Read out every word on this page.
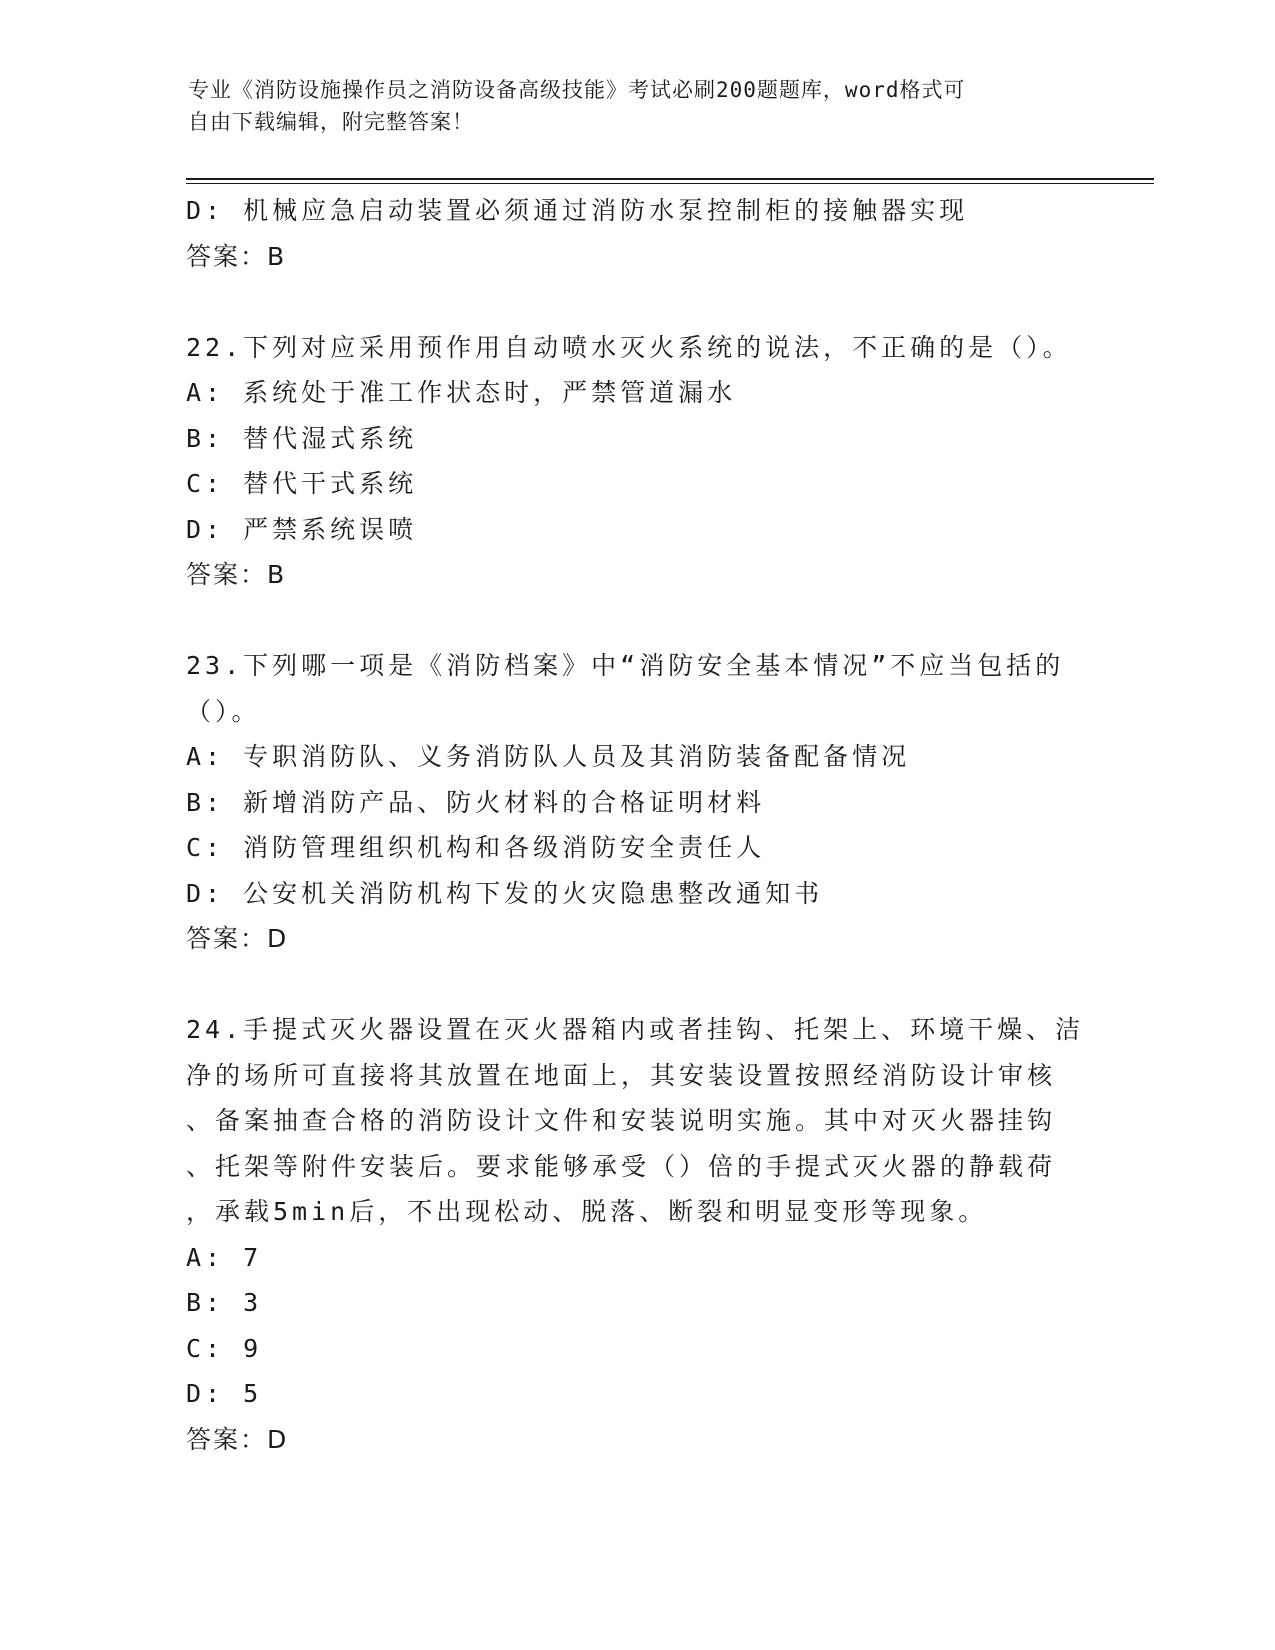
专业《消防设施操作员之消防设备高级技能》考试必刷200题题库，word格式可
自由下载编辑，附完整答案！
D: 机械应急启动装置必须通过消防水泵控制柜的接触器实现
答案：B
22.下列对应采用预作用自动喷水灭火系统的说法，不正确的是（）。
A: 系统处于准工作状态时，严禁管道漏水
B: 替代湿式系统
C: 替代干式系统
D: 严禁系统误喷
答案：B
23.下列哪一项是《消防档案》中“消防安全基本情况”不应当包括的
（）。
A: 专职消防队、义务消防队人员及其消防装备配备情况
B: 新增消防产品、防火材料的合格证明材料
C: 消防管理组织机构和各级消防安全责任人
D: 公安机关消防机构下发的火灾隐患整改通知书
答案：D
24.手提式灭火器设置在灭火器箱内或者挂钩、托架上、环境干燥、洁
净的场所可直接将其放置在地面上，其安装设置按照经消防设计审核
、备案抽查合格的消防设计文件和安装说明实施。其中对灭火器挂钩
、托架等附件安装后。要求能够承受（）倍的手提式灭火器的静载荷
，承载5min后，不出现松动、脱落、断裂和明显变形等现象。
A: 7
B: 3
C: 9
D: 5
答案：D
